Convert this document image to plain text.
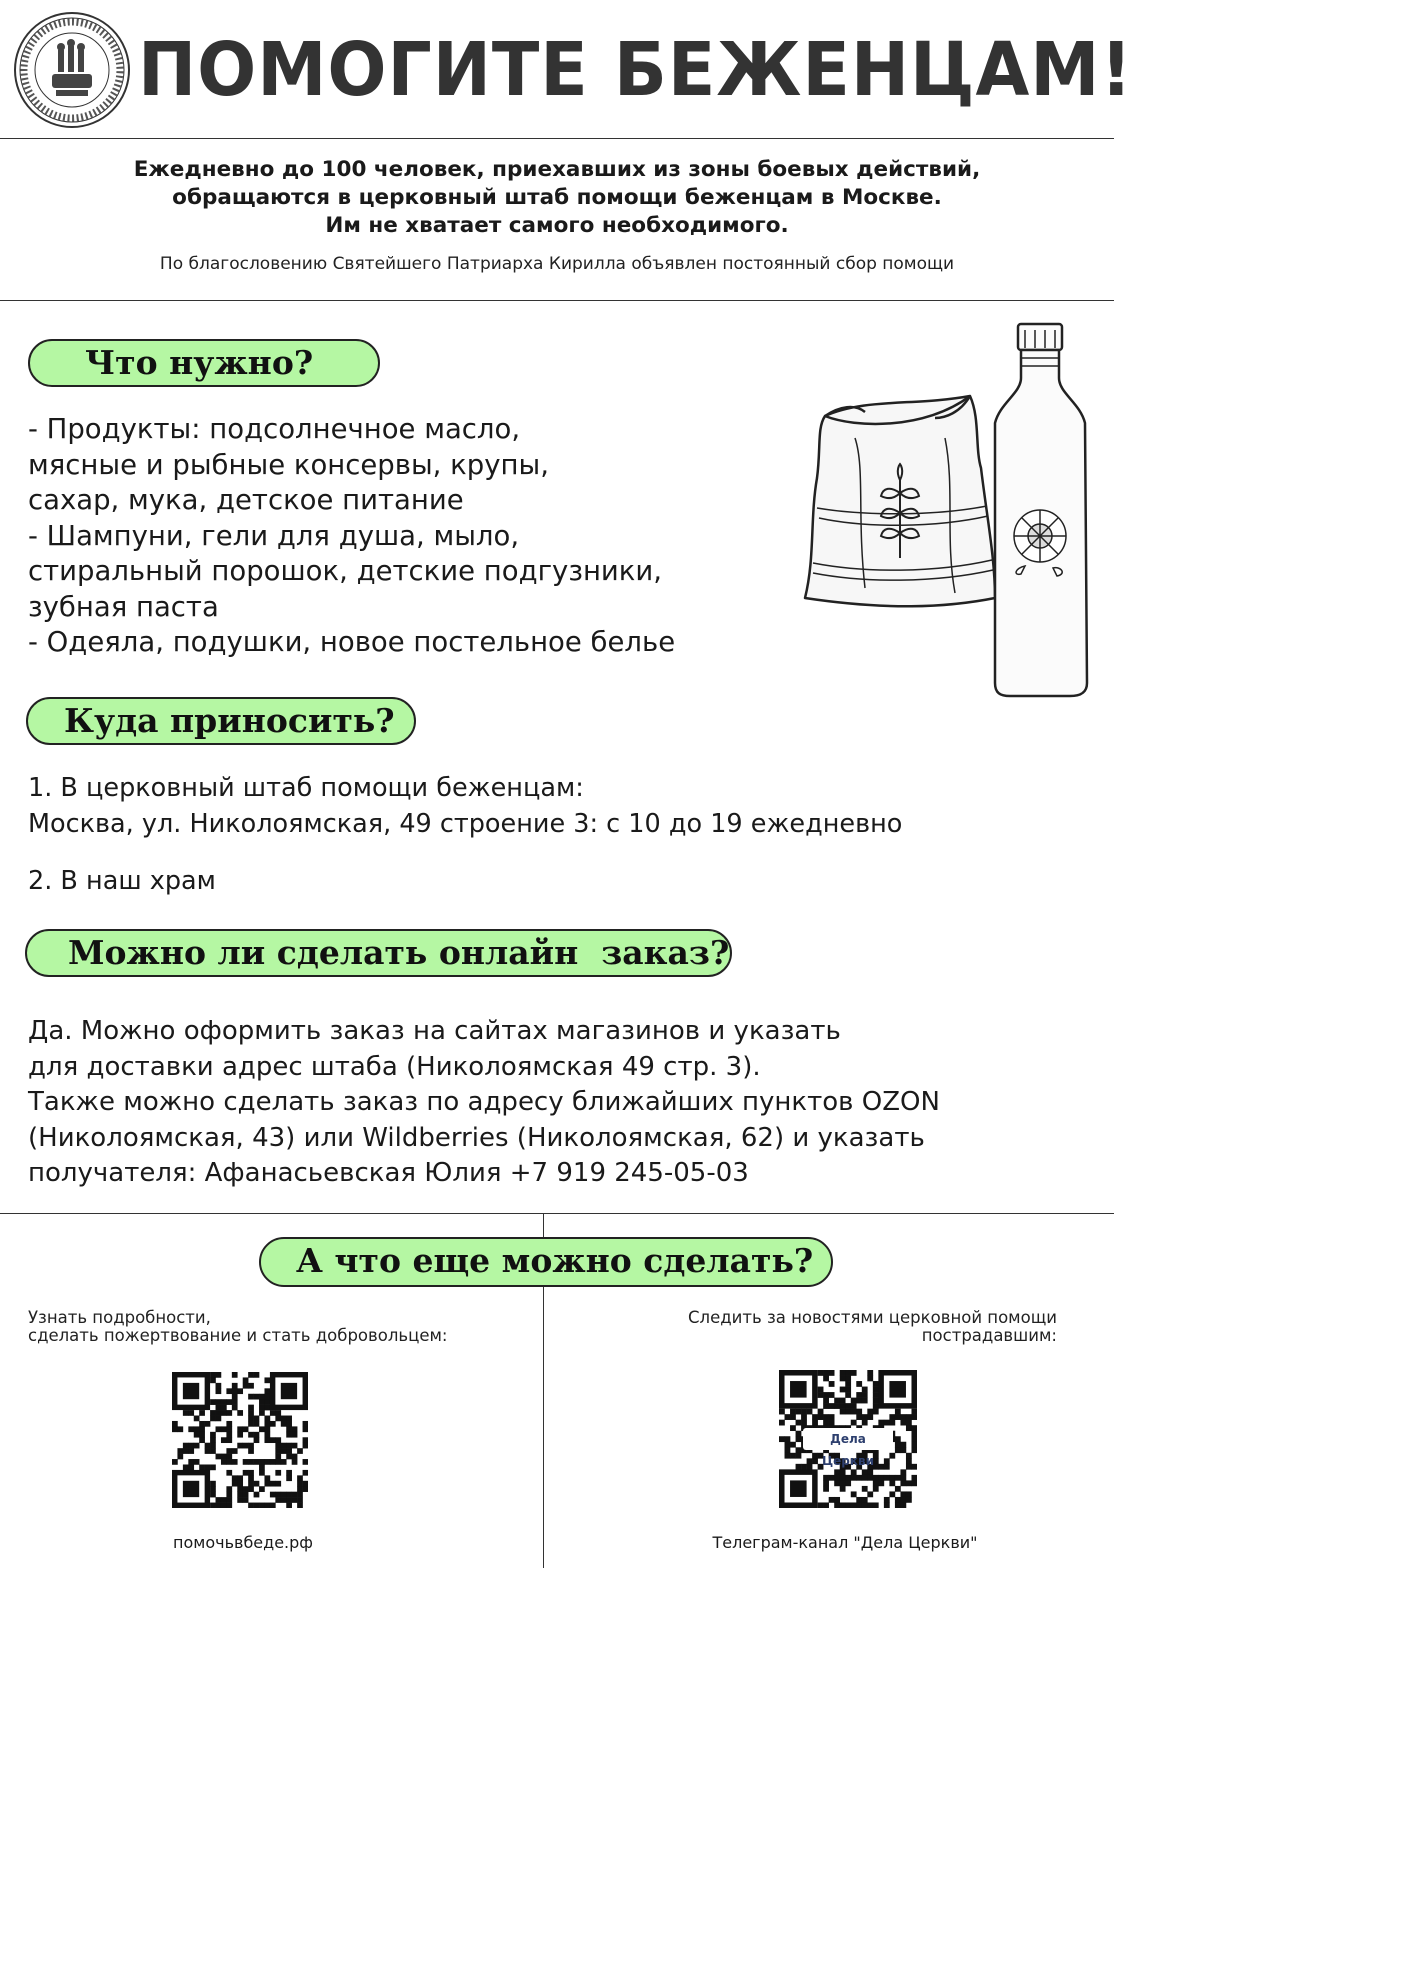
ПОМОГИТЕ БЕЖЕНЦАМ!
Ежедневно до 100 человек, приехавших из зоны боевых действий,
обращаются в церковный штаб помощи беженцам в Москве.
Им не хватает самого необходимого.
По благословению Святейшего Патриарха Кирилла объявлен постоянный сбор помощи
Что нужно?
- Продукты: подсолнечное масло,
мясные и рыбные консервы, крупы,
сахар, мука, детское питание
- Шампуни, гели для душа, мыло,
стиральный порошок, детские подгузники,
зубная паста
- Одеяла, подушки, новое постельное белье
Куда приносить?
1. В церковный штаб помощи беженцам:
Москва, ул. Николоямская, 49 строение 3: с 10 до 19 ежедневно
2. В наш храм
Можно ли сделать онлайн  заказ?
Да. Можно оформить заказ на сайтах магазинов и указать
для доставки адрес штаба (Николоямская 49 стр. 3).
Также можно сделать заказ по адресу ближайших пунктов OZON
(Николоямская, 43) или Wildberries (Николоямская, 62) и указать
получателя: Афанасьевская Юлия +7 919 245-05-03
А что еще можно сделать?
Узнать подробности,
сделать пожертвование и стать добровольцем:
Следить за новостями церковной помощи
пострадавшим:
Дела Церкви
помочьвбеде.рф	Телеграм-канал "Дела Церкви"
